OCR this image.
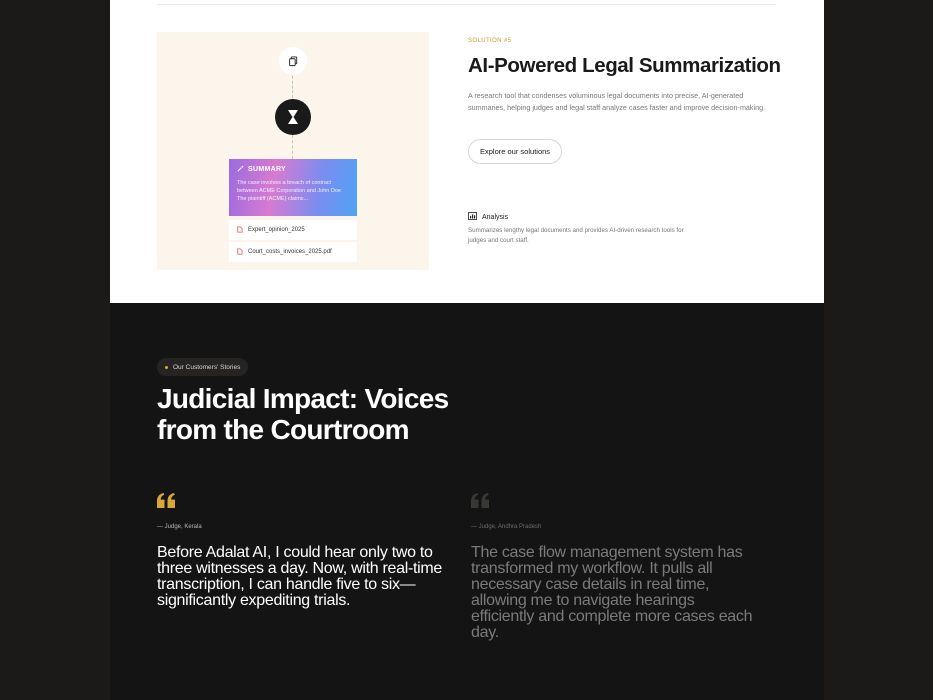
SUMMARY
The case involves a breach of contract between ACME Corporation and John Doe The plaintiff (ACME) claims...
Expert_opinion_2025
Court_costs_invoices_2025.pdf
SOLUTION #5
AI-Powered Legal Summarization

A research tool that condenses voluminous legal documents into precise, AI-generated summaries, helping judges and legal staff analyze cases faster and improve decision-making.

Explore our solutions
Analysis

Summarizes lengthy legal documents and provides AI-driven research tools for judges and court staff.

Our Customers' Stories
Judicial Impact: Voices from the Courtroom
— Judge, Kerala

Before Adalat AI, I could hear only two to three witnesses a day. Now, with real-time transcription, I can handle five to six— significantly expediting trials.

— Judge, Andhra Pradesh

The case flow management system has transformed my workflow. It pulls all necessary case details in real time, allowing me to navigate hearings efficiently and complete more cases each day.
